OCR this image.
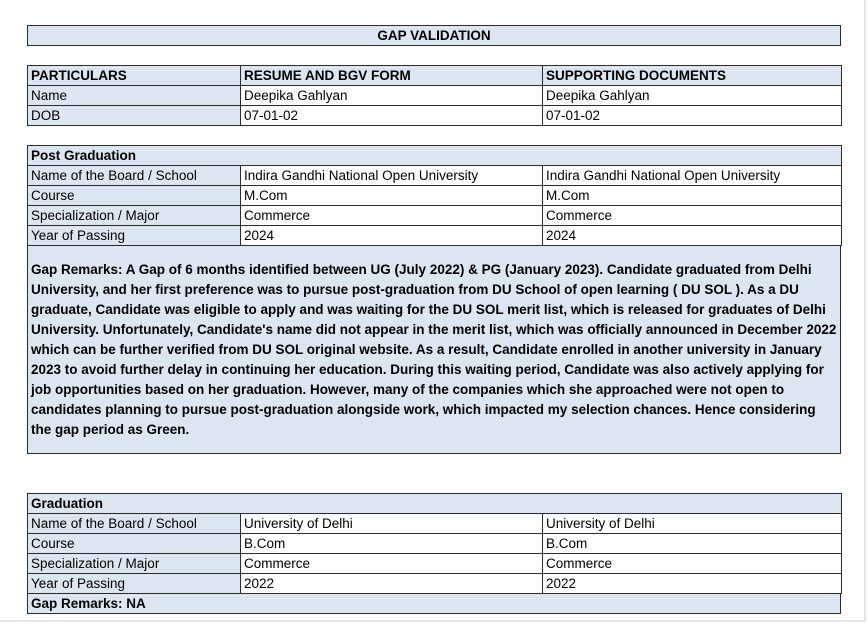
GAP VALIDATION
PARTICULARS	RESUME AND BGV FORM	SUPPORTING DOCUMENTS
Name	Deepika Gahlyan	Deepika Gahlyan
DOB	07-01-02	07-01-02
Post Graduation		
Name of the Board / School	Indira Gandhi National Open University	Indira Gandhi National Open University
Course	M.Com	M.Com
Specialization / Major	Commerce	Commerce
Year of Passing	2024	2024
Gap Remarks: A Gap of 6 months identified between UG (July 2022) & PG (January 2023). Candidate graduated from Delhi University, and her first preference was to pursue post-graduation from DU School of open learning ( DU SOL ). As a DU graduate, Candidate was eligible to apply and was waiting for the DU SOL merit list, which is released for graduates of Delhi University. Unfortunately, Candidate's name did not appear in the merit list, which was officially announced in December 2022 which can be further verified from DU SOL original website. As a result, Candidate enrolled in another university in January 2023 to avoid further delay in continuing her education. During this waiting period, Candidate was also actively applying for job opportunities based on her graduation. However, many of the companies which she approached were not open to candidates planning to pursue post-graduation alongside work, which impacted my selection chances. Hence considering the gap period as Green.
Graduation		
Name of the Board / School	University of Delhi	University of Delhi
Course	B.Com	B.Com
Specialization / Major	Commerce	Commerce
Year of Passing	2022	2022
Gap Remarks: NA
